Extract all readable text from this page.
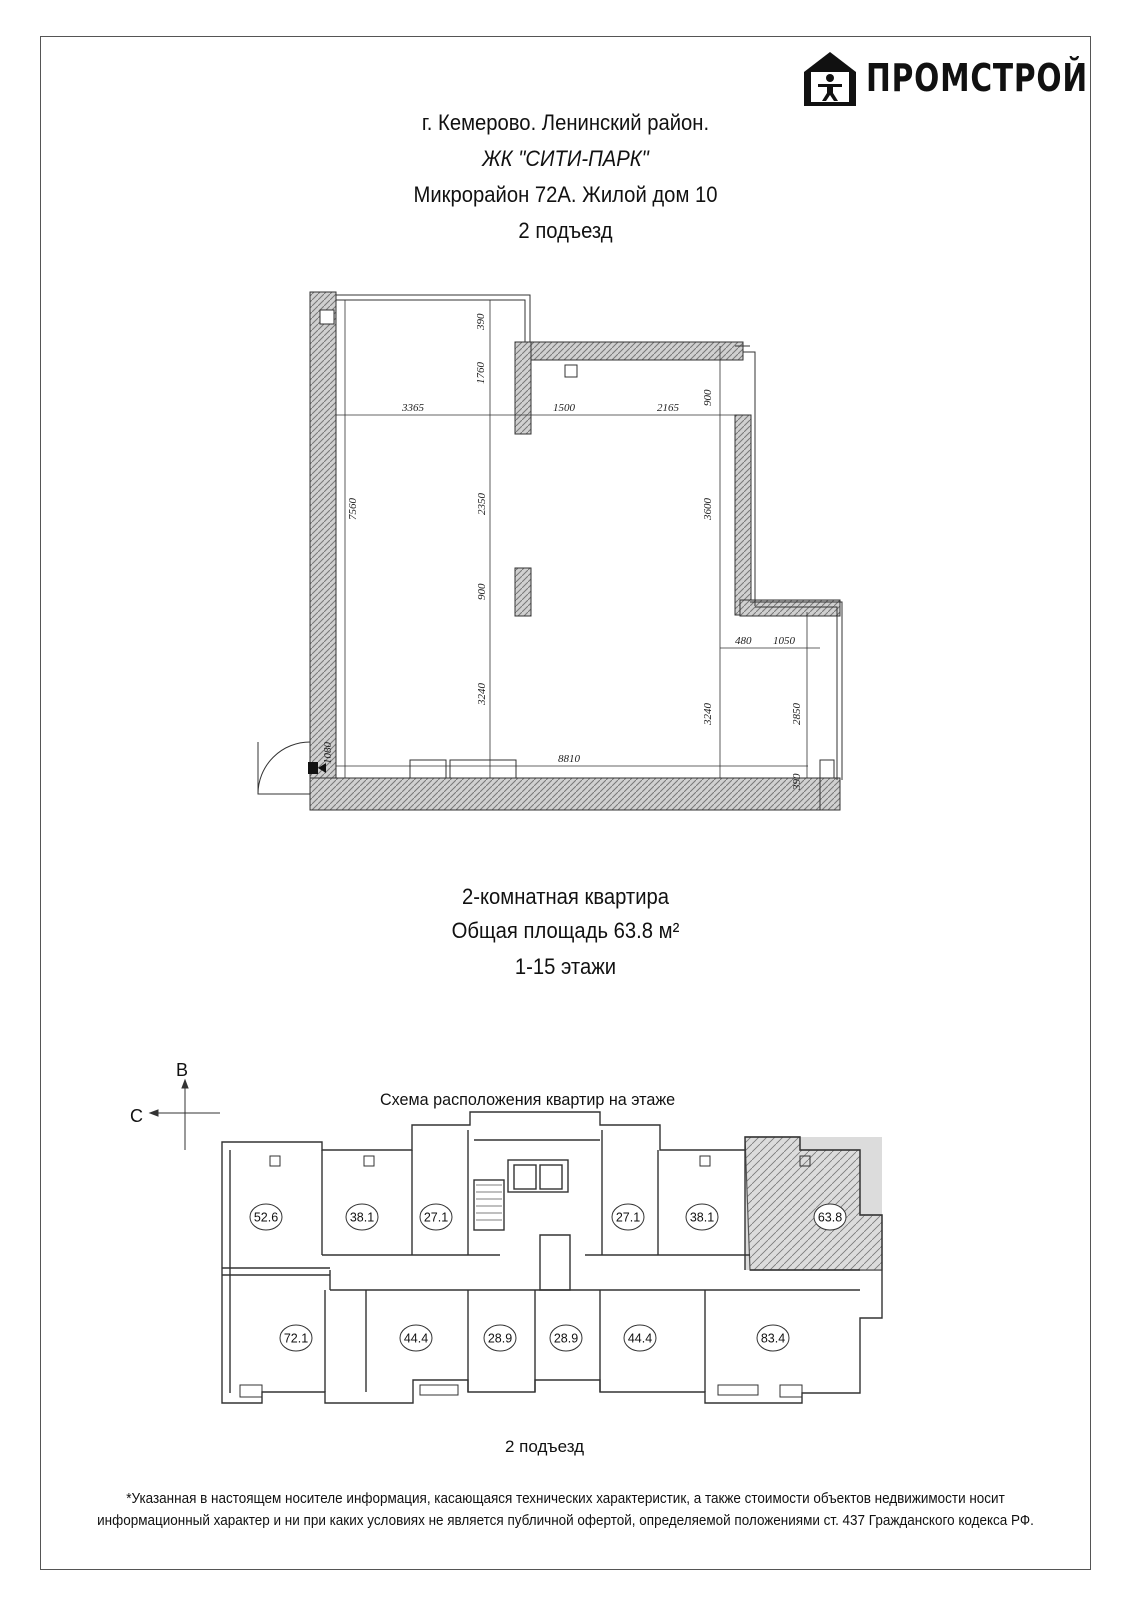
ПРОМСТРОЙ
г. Кемерово. Ленинский район.
ЖК "СИТИ-ПАРК"
Микрорайон 72А. Жилой дом 10
2 подъезд
390
1760
3365	1500	2165
900
7560	2350	3600
900
480 1050
3240
3240	2850
1080	8810
390
52.6	38.1	27.1	27.1	38.1	63.8
72.1	44.4	28.9	28.9	44.4	83.4
2-комнатная квартира
Общая площадь 63.8 м²
1-15 этажи
Схема расположения квартир на этаже
В
С
2 подъезд
*Указанная в настоящем носителе информация, касающаяся технических характеристик, а также стоимости объектов недвижимости носит
информационный характер и ни при каких условиях не является публичной офертой, определяемой положениями ст. 437 Гражданского кодекса РФ.
